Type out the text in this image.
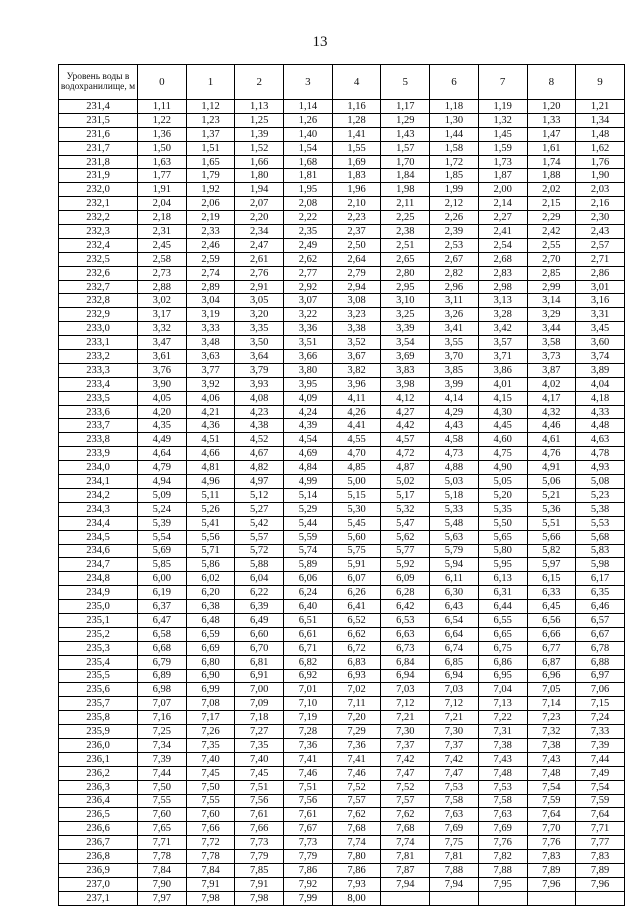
13
Уровень воды в водохранилище, м	0	1	2	3	4	5	6	7	8	9
231,4	1,11	1,12	1,13	1,14	1,16	1,17	1,18	1,19	1,20	1,21
231,5	1,22	1,23	1,25	1,26	1,28	1,29	1,30	1,32	1,33	1,34
231,6	1,36	1,37	1,39	1,40	1,41	1,43	1,44	1,45	1,47	1,48
231,7	1,50	1,51	1,52	1,54	1,55	1,57	1,58	1,59	1,61	1,62
231,8	1,63	1,65	1,66	1,68	1,69	1,70	1,72	1,73	1,74	1,76
231,9	1,77	1,79	1,80	1,81	1,83	1,84	1,85	1,87	1,88	1,90
232,0	1,91	1,92	1,94	1,95	1,96	1,98	1,99	2,00	2,02	2,03
232,1	2,04	2,06	2,07	2,08	2,10	2,11	2,12	2,14	2,15	2,16
232,2	2,18	2,19	2,20	2,22	2,23	2,25	2,26	2,27	2,29	2,30
232,3	2,31	2,33	2,34	2,35	2,37	2,38	2,39	2,41	2,42	2,43
232,4	2,45	2,46	2,47	2,49	2,50	2,51	2,53	2,54	2,55	2,57
232,5	2,58	2,59	2,61	2,62	2,64	2,65	2,67	2,68	2,70	2,71
232,6	2,73	2,74	2,76	2,77	2,79	2,80	2,82	2,83	2,85	2,86
232,7	2,88	2,89	2,91	2,92	2,94	2,95	2,96	2,98	2,99	3,01
232,8	3,02	3,04	3,05	3,07	3,08	3,10	3,11	3,13	3,14	3,16
232,9	3,17	3,19	3,20	3,22	3,23	3,25	3,26	3,28	3,29	3,31
233,0	3,32	3,33	3,35	3,36	3,38	3,39	3,41	3,42	3,44	3,45
233,1	3,47	3,48	3,50	3,51	3,52	3,54	3,55	3,57	3,58	3,60
233,2	3,61	3,63	3,64	3,66	3,67	3,69	3,70	3,71	3,73	3,74
233,3	3,76	3,77	3,79	3,80	3,82	3,83	3,85	3,86	3,87	3,89
233,4	3,90	3,92	3,93	3,95	3,96	3,98	3,99	4,01	4,02	4,04
233,5	4,05	4,06	4,08	4,09	4,11	4,12	4,14	4,15	4,17	4,18
233,6	4,20	4,21	4,23	4,24	4,26	4,27	4,29	4,30	4,32	4,33
233,7	4,35	4,36	4,38	4,39	4,41	4,42	4,43	4,45	4,46	4,48
233,8	4,49	4,51	4,52	4,54	4,55	4,57	4,58	4,60	4,61	4,63
233,9	4,64	4,66	4,67	4,69	4,70	4,72	4,73	4,75	4,76	4,78
234,0	4,79	4,81	4,82	4,84	4,85	4,87	4,88	4,90	4,91	4,93
234,1	4,94	4,96	4,97	4,99	5,00	5,02	5,03	5,05	5,06	5,08
234,2	5,09	5,11	5,12	5,14	5,15	5,17	5,18	5,20	5,21	5,23
234,3	5,24	5,26	5,27	5,29	5,30	5,32	5,33	5,35	5,36	5,38
234,4	5,39	5,41	5,42	5,44	5,45	5,47	5,48	5,50	5,51	5,53
234,5	5,54	5,56	5,57	5,59	5,60	5,62	5,63	5,65	5,66	5,68
234,6	5,69	5,71	5,72	5,74	5,75	5,77	5,79	5,80	5,82	5,83
234,7	5,85	5,86	5,88	5,89	5,91	5,92	5,94	5,95	5,97	5,98
234,8	6,00	6,02	6,04	6,06	6,07	6,09	6,11	6,13	6,15	6,17
234,9	6,19	6,20	6,22	6,24	6,26	6,28	6,30	6,31	6,33	6,35
235,0	6,37	6,38	6,39	6,40	6,41	6,42	6,43	6,44	6,45	6,46
235,1	6,47	6,48	6,49	6,51	6,52	6,53	6,54	6,55	6,56	6,57
235,2	6,58	6,59	6,60	6,61	6,62	6,63	6,64	6,65	6,66	6,67
235,3	6,68	6,69	6,70	6,71	6,72	6,73	6,74	6,75	6,77	6,78
235,4	6,79	6,80	6,81	6,82	6,83	6,84	6,85	6,86	6,87	6,88
235,5	6,89	6,90	6,91	6,92	6,93	6,94	6,94	6,95	6,96	6,97
235,6	6,98	6,99	7,00	7,01	7,02	7,03	7,03	7,04	7,05	7,06
235,7	7,07	7,08	7,09	7,10	7,11	7,12	7,12	7,13	7,14	7,15
235,8	7,16	7,17	7,18	7,19	7,20	7,21	7,21	7,22	7,23	7,24
235,9	7,25	7,26	7,27	7,28	7,29	7,30	7,30	7,31	7,32	7,33
236,0	7,34	7,35	7,35	7,36	7,36	7,37	7,37	7,38	7,38	7,39
236,1	7,39	7,40	7,40	7,41	7,41	7,42	7,42	7,43	7,43	7,44
236,2	7,44	7,45	7,45	7,46	7,46	7,47	7,47	7,48	7,48	7,49
236,3	7,50	7,50	7,51	7,51	7,52	7,52	7,53	7,53	7,54	7,54
236,4	7,55	7,55	7,56	7,56	7,57	7,57	7,58	7,58	7,59	7,59
236,5	7,60	7,60	7,61	7,61	7,62	7,62	7,63	7,63	7,64	7,64
236,6	7,65	7,66	7,66	7,67	7,68	7,68	7,69	7,69	7,70	7,71
236,7	7,71	7,72	7,73	7,73	7,74	7,74	7,75	7,76	7,76	7,77
236,8	7,78	7,78	7,79	7,79	7,80	7,81	7,81	7,82	7,83	7,83
236,9	7,84	7,84	7,85	7,86	7,86	7,87	7,88	7,88	7,89	7,89
237,0	7,90	7,91	7,91	7,92	7,93	7,94	7,94	7,95	7,96	7,96
237,1	7,97	7,98	7,98	7,99	8,00					
